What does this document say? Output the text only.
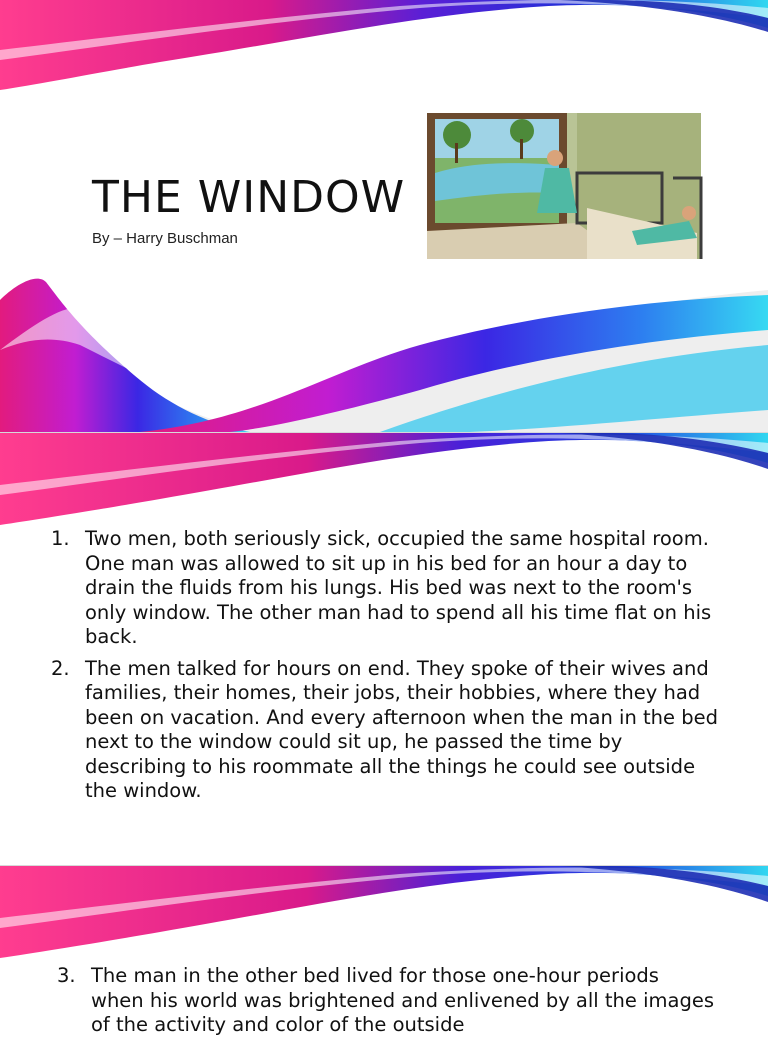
THE WINDOW
By – Harry Buschman
1. Two men, both seriously sick, occupied the same hospital room. One man was allowed to sit up in his bed for an hour a day to drain the fluids from his lungs. His bed was next to the room's only window. The other man had to spend all his time flat on his back.
2. The men talked for hours on end. They spoke of their wives and families, their homes, their jobs, their hobbies, where they had been on vacation. And every afternoon when the man in the bed next to the window could sit up, he passed the time by describing to his roommate all the things he could see outside the window.
3. The man in the other bed lived for those one-hour periods when his world was brightened and enlivened by all the images of the activity and color of the outside
